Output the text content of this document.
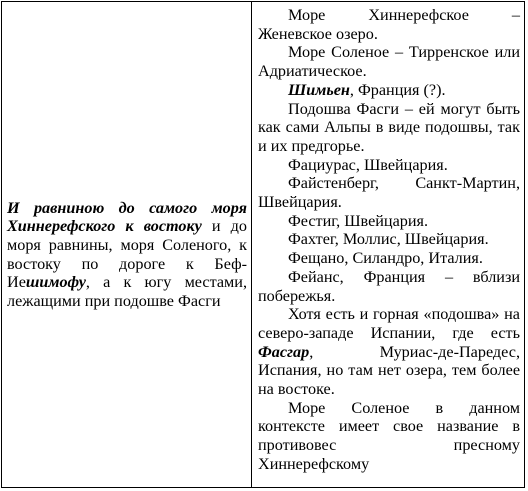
И равниною до самого моря Хиннерефского к востоку и до моря равнины, моря Соленого, к востоку по дороге к Беф-Иешимофу, а к югу местами, лежащими при подошве Фасги

Море Хиннерефское – Женевское озеро.

Море Соленое – Тирренское или Адриатическое.

Шимьен, Франция (?).

Подошва Фасги – ей могут быть как сами Альпы в виде подошвы, так и их предгорье.

Фациурас, Швейцария.

Файстенберг, Санкт-Мартин, Швейцария.

Фестиг, Швейцария.

Фахтег, Моллис, Швейцария.

Фещано, Силандро, Италия.

Фейанс, Франция – вблизи побережья.

Хотя есть и горная «подошва» на северо-западе Испании, где есть Фасгар, Муриас-де-Паредес, Испания, но там нет озера, тем более на востоке.

Море Соленое в данном контексте имеет свое название в противовес пресному Хиннерефскому
